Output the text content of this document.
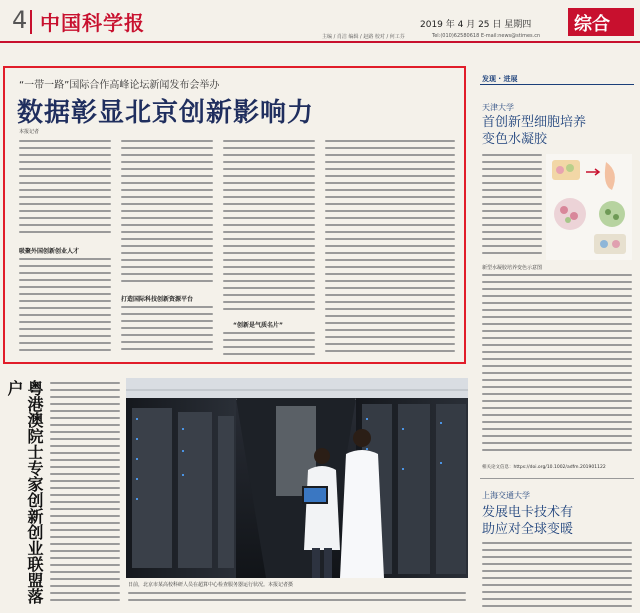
4 中国科学报	2019 年 4 月 25 日 星期四
主编 / 肖洁 编辑 / 赵路 校对 / 何工芬	Tel:(010)62580618 E-mail:news@stimes.cn
综合
“一带一路”国际合作高峰论坛新闻发布会举办
数据彰显北京创新影响力
本报记者
吸聚外国创新创业人才
打造国际科技创新资源平台
“创新是气质名片”
发现 · 进展
天津大学
首创新型细胞培养变色水凝胶
新型水凝胶培养变色示意图
相关论文信息：https://doi.org/10.1002/adfm.201901122
上海交通大学
发展电卡技术有助应对全球变暖
粤港澳院士专家创新创业联盟落户
日前，北京市某高校科研人员在超算中心检查服务器运行状况。本报记者摄
